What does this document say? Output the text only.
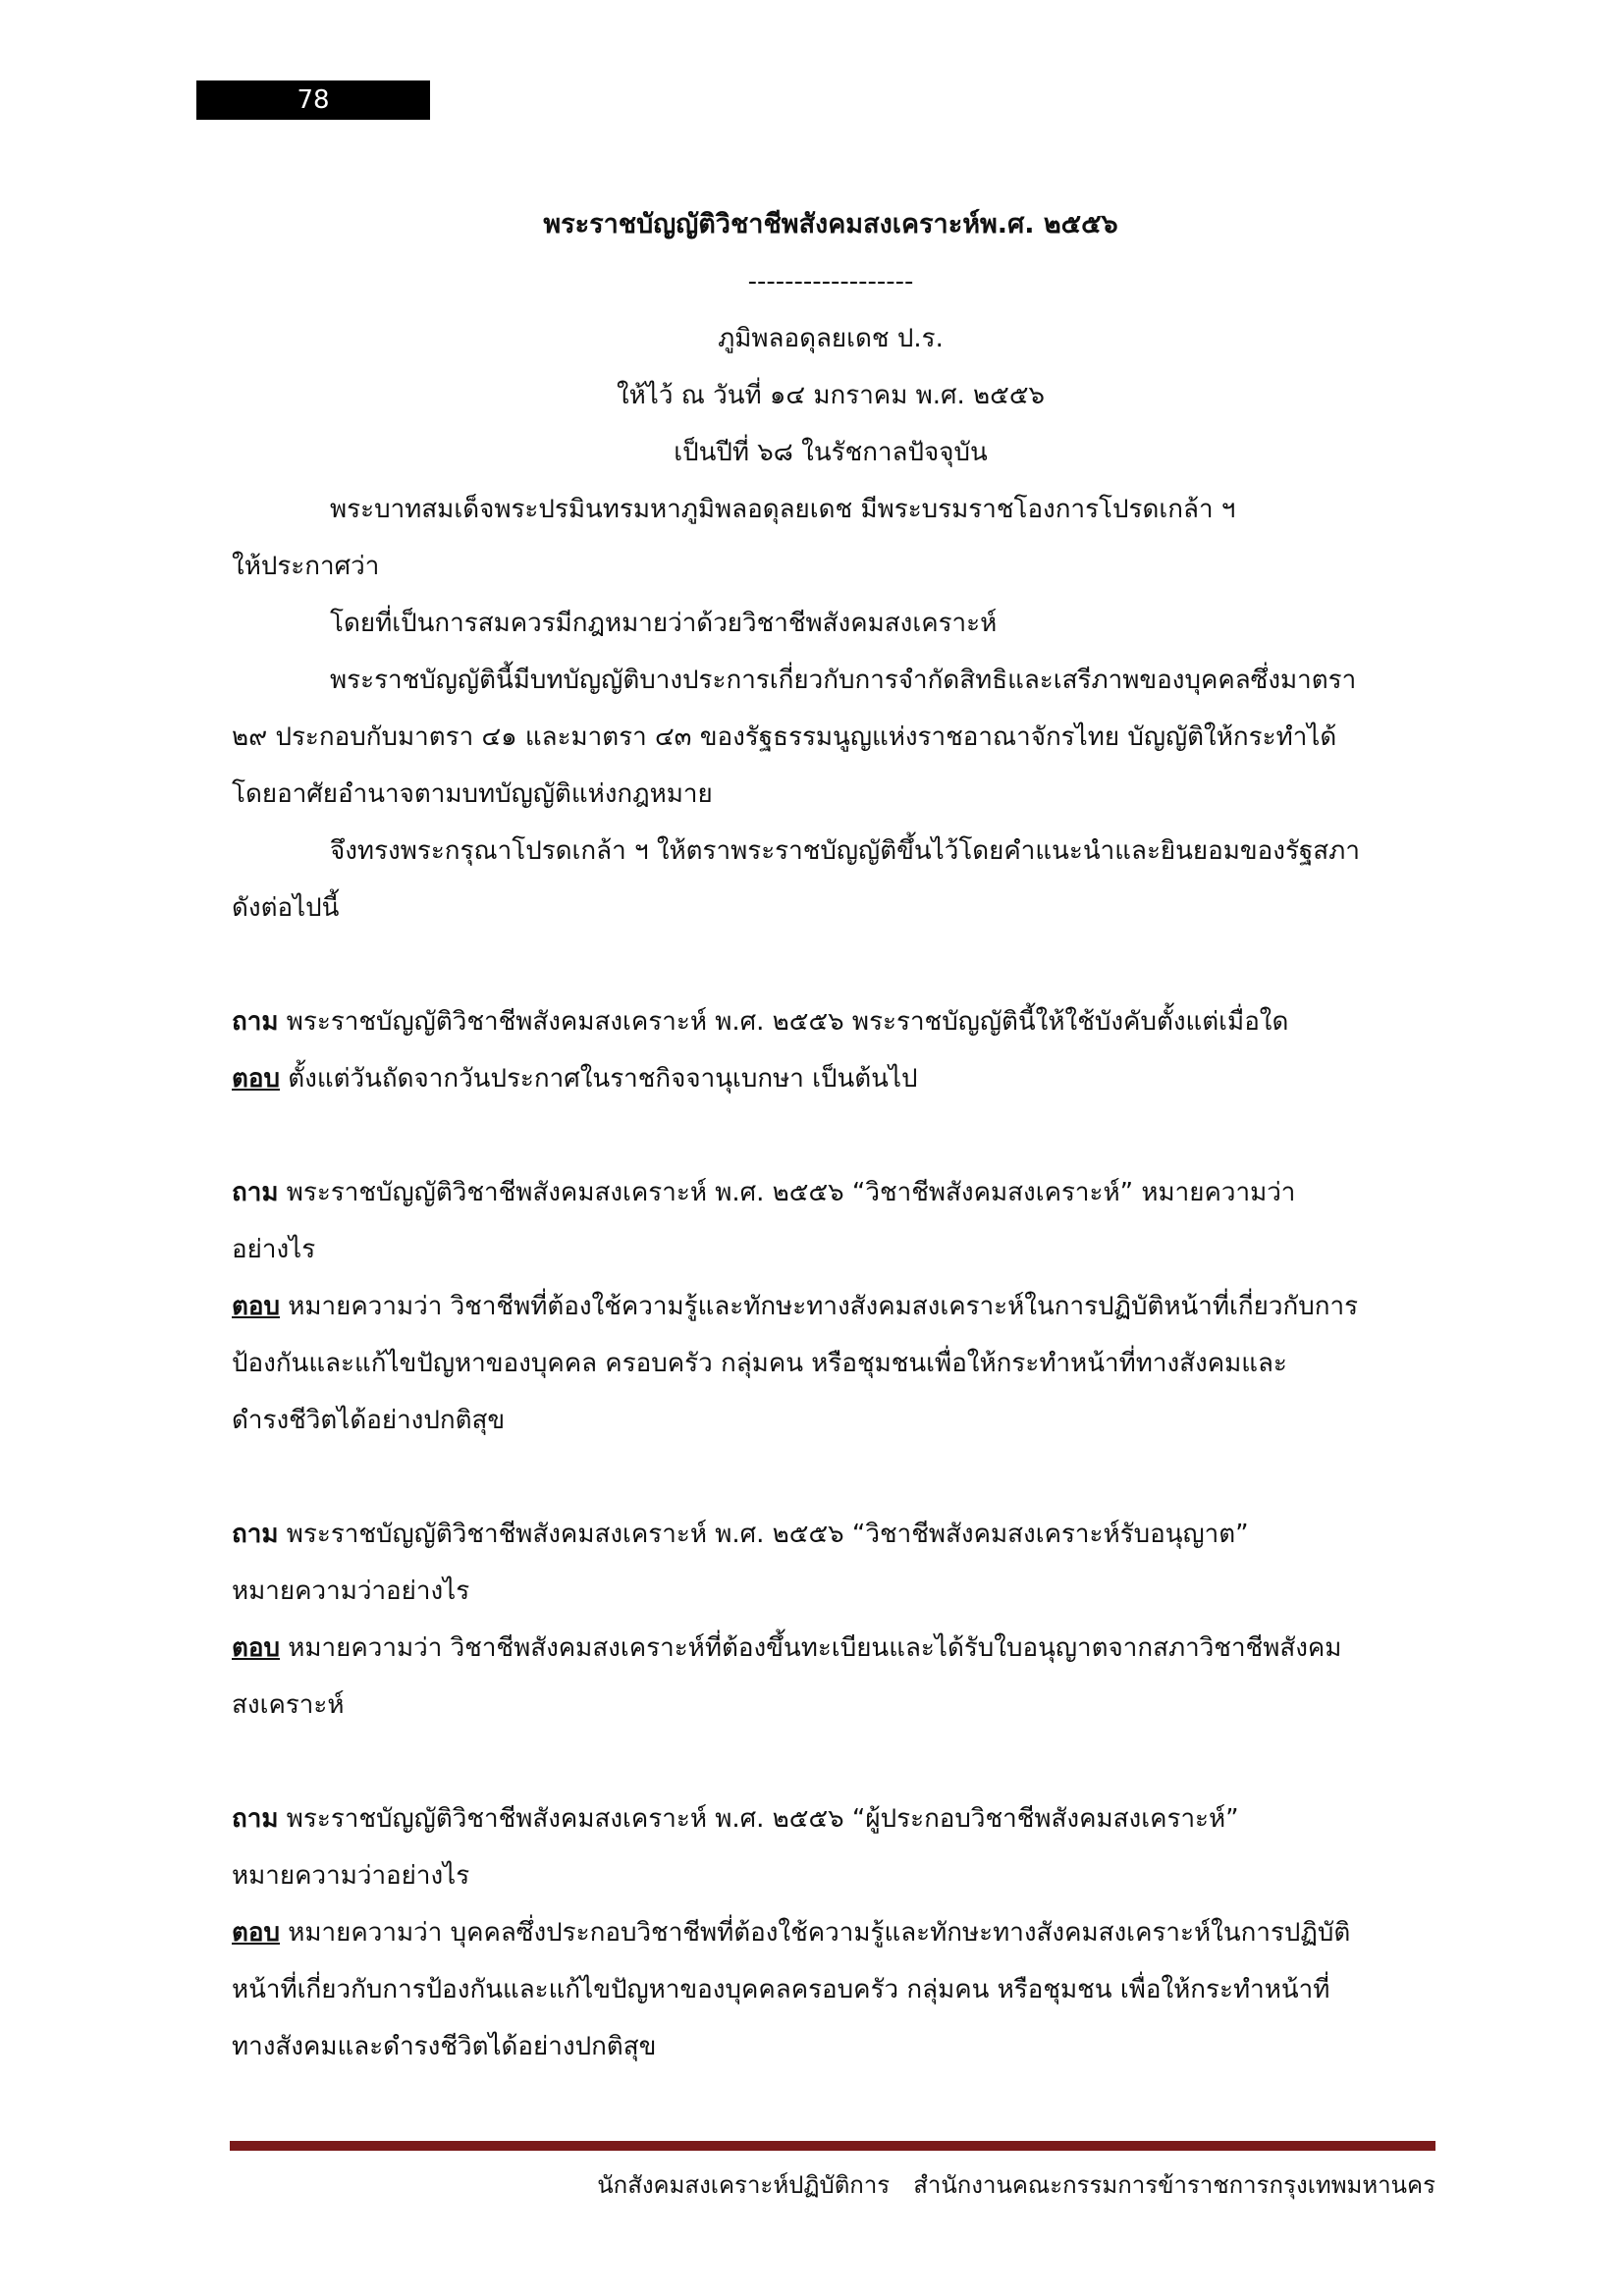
78

พระราชบัญญัติวิชาชีพสังคมสงเคราะห์พ.ศ. ๒๕๕๖

------------------

ภูมิพลอดุลยเดช ป.ร.

ให้ไว้ ณ วันที่ ๑๔ มกราคม พ.ศ. ๒๕๕๖

เป็นปีที่ ๖๘ ในรัชกาลปัจจุบัน

พระบาทสมเด็จพระปรมินทรมหาภูมิพลอดุลยเดช มีพระบรมราชโองการโปรดเกล้า ฯ

ให้ประกาศว่า

โดยที่เป็นการสมควรมีกฎหมายว่าด้วยวิชาชีพสังคมสงเคราะห์

พระราชบัญญัตินี้มีบทบัญญัติบางประการเกี่ยวกับการจำกัดสิทธิและเสรีภาพของบุคคลซึ่งมาตรา

๒๙ ประกอบกับมาตรา ๔๑ และมาตรา ๔๓ ของรัฐธรรมนูญแห่งราชอาณาจักรไทย บัญญัติให้กระทำได้

โดยอาศัยอำนาจตามบทบัญญัติแห่งกฎหมาย

จึงทรงพระกรุณาโปรดเกล้า ฯ ให้ตราพระราชบัญญัติขึ้นไว้โดยคำแนะนำและยินยอมของรัฐสภา

ดังต่อไปนี้

ถาม พระราชบัญญัติวิชาชีพสังคมสงเคราะห์ พ.ศ. ๒๕๕๖ พระราชบัญญัตินี้ให้ใช้บังคับตั้งแต่เมื่อใด

ตอบ ตั้งแต่วันถัดจากวันประกาศในราชกิจจานุเบกษา เป็นต้นไป

ถาม พระราชบัญญัติวิชาชีพสังคมสงเคราะห์ พ.ศ. ๒๕๕๖ “วิชาชีพสังคมสงเคราะห์” หมายความว่า

อย่างไร

ตอบ หมายความว่า วิชาชีพที่ต้องใช้ความรู้และทักษะทางสังคมสงเคราะห์ในการปฏิบัติหน้าที่เกี่ยวกับการ

ป้องกันและแก้ไขปัญหาของบุคคล ครอบครัว กลุ่มคน หรือชุมชนเพื่อให้กระทำหน้าที่ทางสังคมและ

ดำรงชีวิตได้อย่างปกติสุข

ถาม พระราชบัญญัติวิชาชีพสังคมสงเคราะห์ พ.ศ. ๒๕๕๖ “วิชาชีพสังคมสงเคราะห์รับอนุญาต”

หมายความว่าอย่างไร

ตอบ หมายความว่า วิชาชีพสังคมสงเคราะห์ที่ต้องขึ้นทะเบียนและได้รับใบอนุญาตจากสภาวิชาชีพสังคม

สงเคราะห์

ถาม พระราชบัญญัติวิชาชีพสังคมสงเคราะห์ พ.ศ. ๒๕๕๖ “ผู้ประกอบวิชาชีพสังคมสงเคราะห์”

หมายความว่าอย่างไร

ตอบ หมายความว่า บุคคลซึ่งประกอบวิชาชีพที่ต้องใช้ความรู้และทักษะทางสังคมสงเคราะห์ในการปฏิบัติ

หน้าที่เกี่ยวกับการป้องกันและแก้ไขปัญหาของบุคคลครอบครัว กลุ่มคน หรือชุมชน เพื่อให้กระทำหน้าที่

ทางสังคมและดำรงชีวิตได้อย่างปกติสุข

นักสังคมสงเคราะห์ปฏิบัติการ สำนักงานคณะกรรมการข้าราชการกรุงเทพมหานคร
